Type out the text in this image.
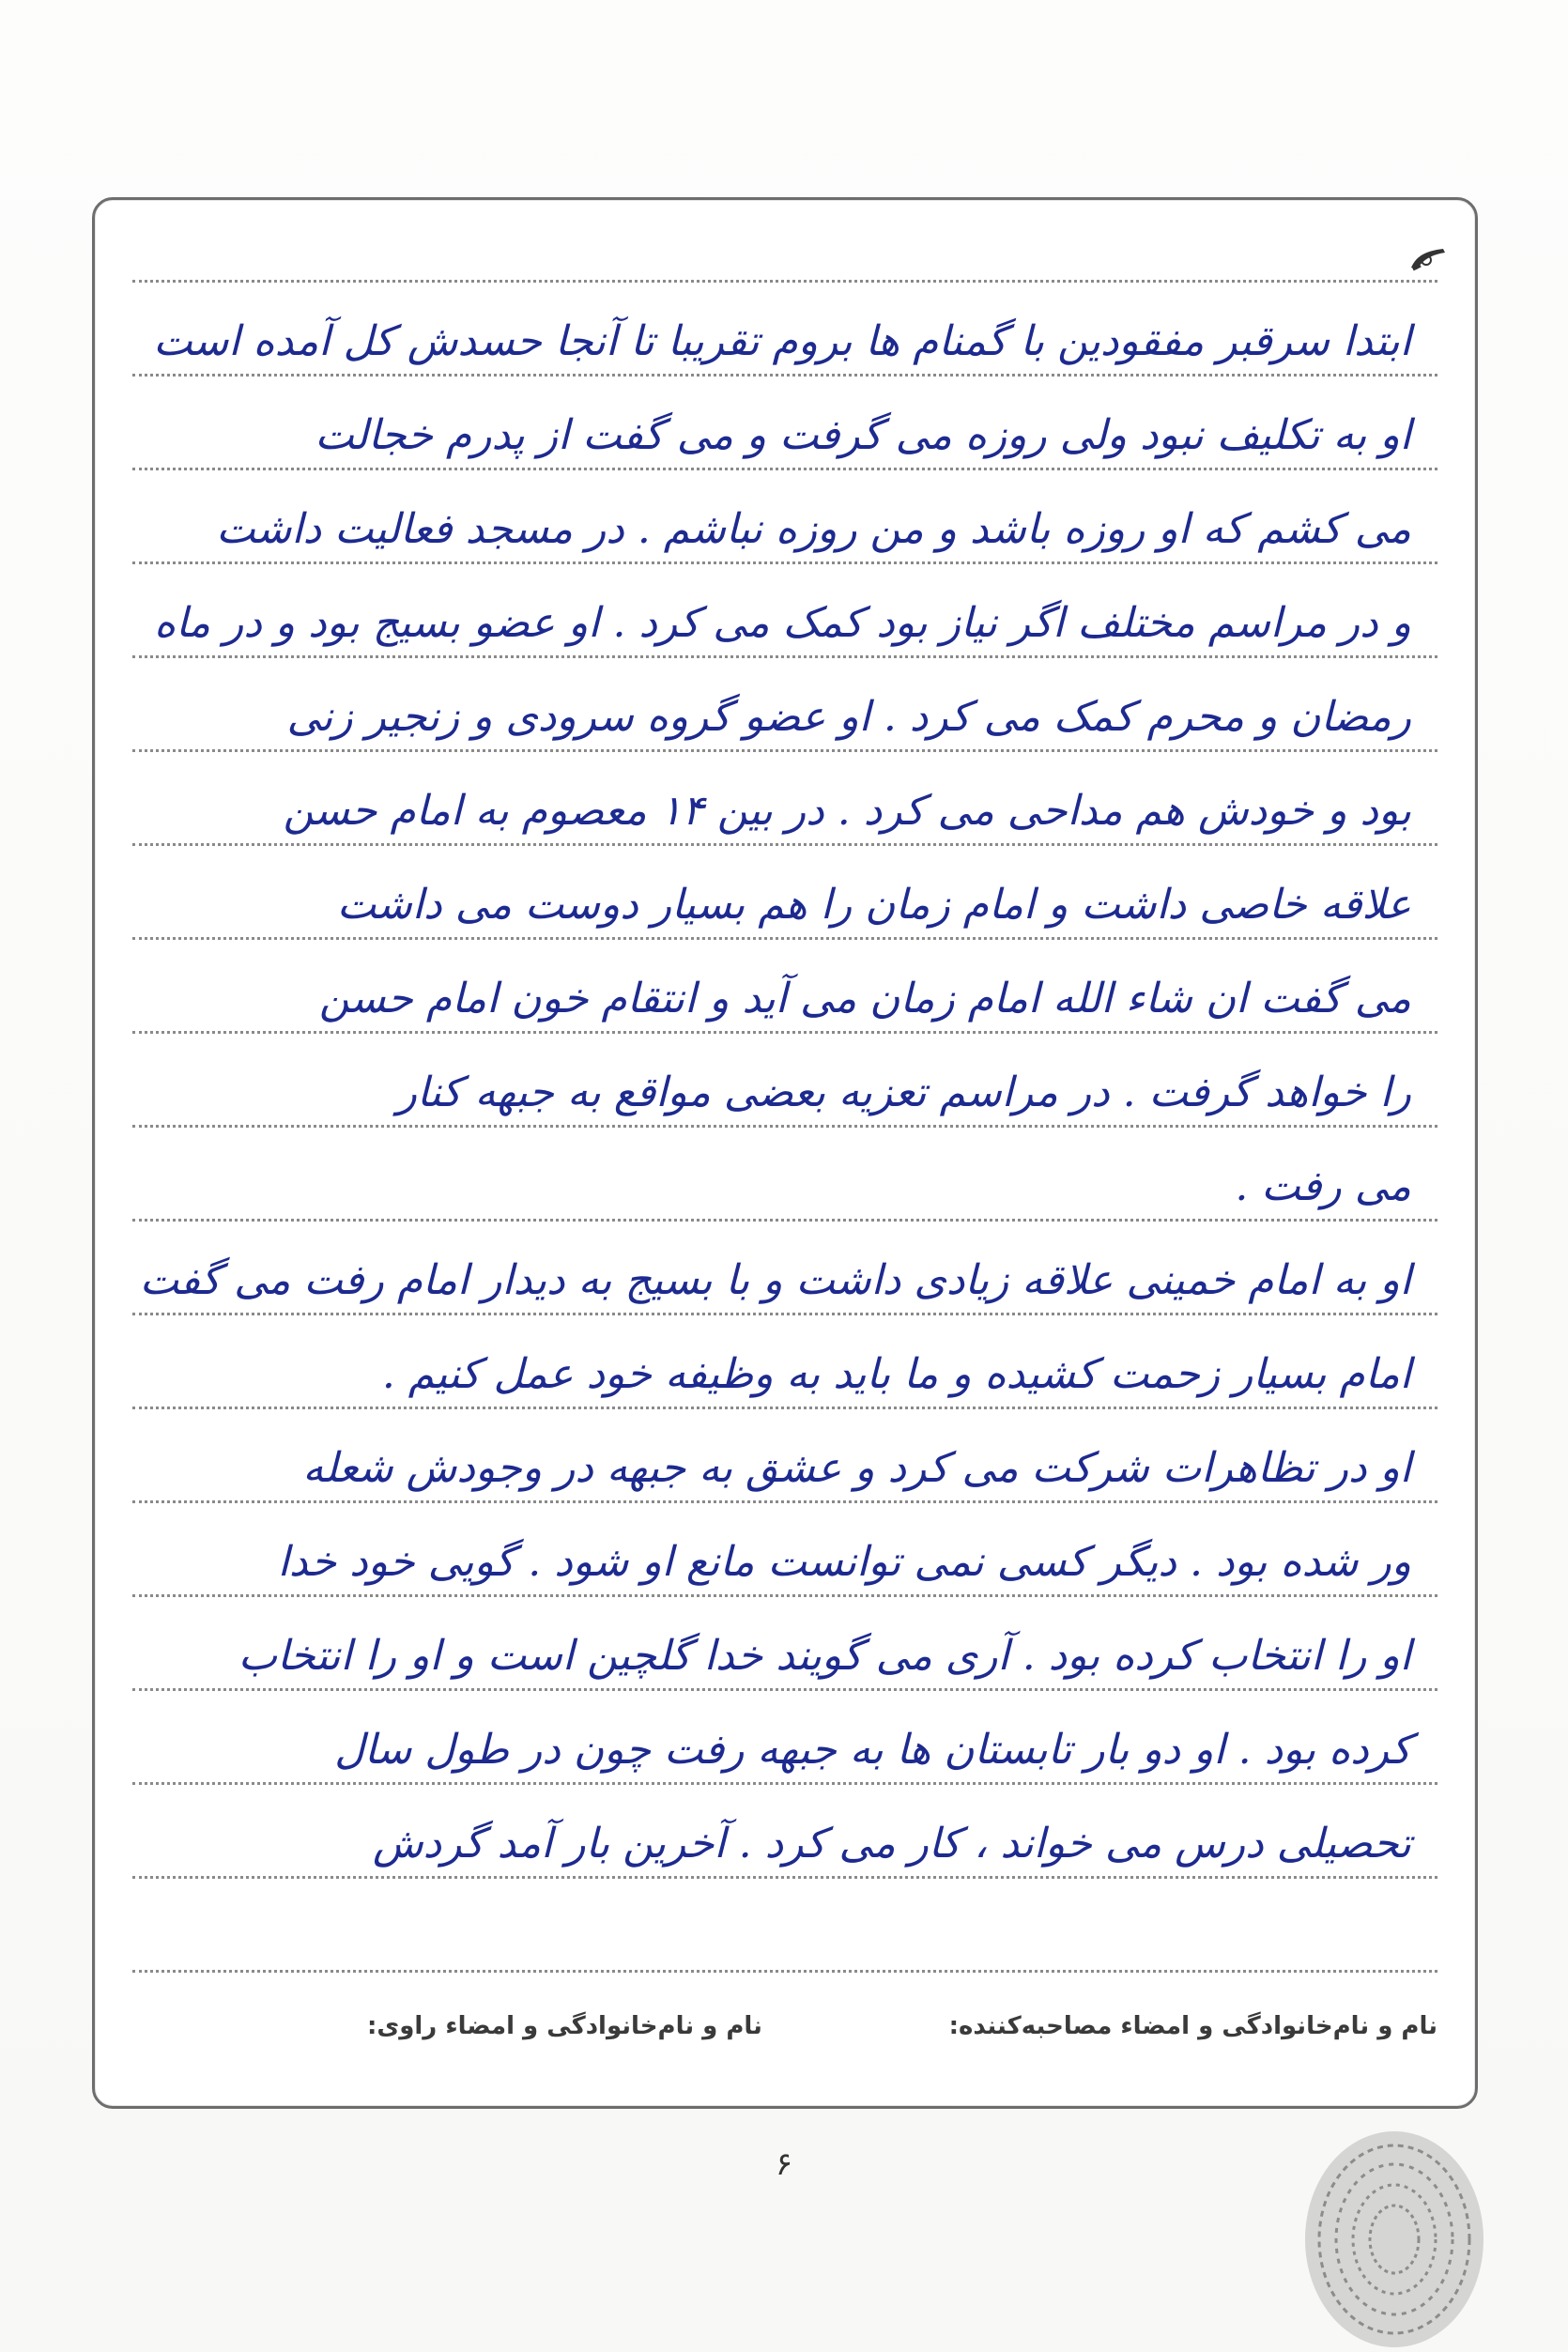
ابتدا سرقبر مفقودین با گمنام ها بروم تقریبا تا آنجا حسدش کل آمده است
او به تکلیف نبود ولی روزه می گرفت و می گفت از پدرم خجالت
می کشم که او روزه باشد و من روزه نباشم . در مسجد فعالیت داشت
و در مراسم مختلف اگر نیاز بود کمک می کرد . او عضو بسیج بود و در ماه
رمضان و محرم کمک می کرد . او عضو گروه سرودی و زنجیر زنی
بود و خودش هم مداحی می کرد . در بین ۱۴ معصوم به امام حسن
علاقه خاصی داشت و امام زمان را هم بسیار دوست می داشت
می گفت ان شاء الله امام زمان می آید و انتقام خون امام حسن
را خواهد گرفت . در مراسم تعزیه بعضی مواقع به جبهه کنار
می رفت .
او به امام خمینی علاقه زیادی داشت و با بسیج به دیدار امام رفت می گفت
امام بسیار زحمت کشیده و ما باید به وظیفه خود عمل کنیم .
او در تظاهرات شرکت می کرد و عشق به جبهه در وجودش شعله
ور شده بود . دیگر کسی نمی توانست مانع او شود . گویی خود خدا
او را انتخاب کرده بود . آری می گویند خدا گلچین است و او را انتخاب
کرده بود . او دو بار تابستان ها به جبهه رفت چون در طول سال
تحصیلی درس می خواند ، کار می کرد . آخرین بار آمد گردش
نام و نام‌خانوادگی و امضاء مصاحبه‌کننده:
نام و نام‌خانوادگی و امضاء راوی:
۶
